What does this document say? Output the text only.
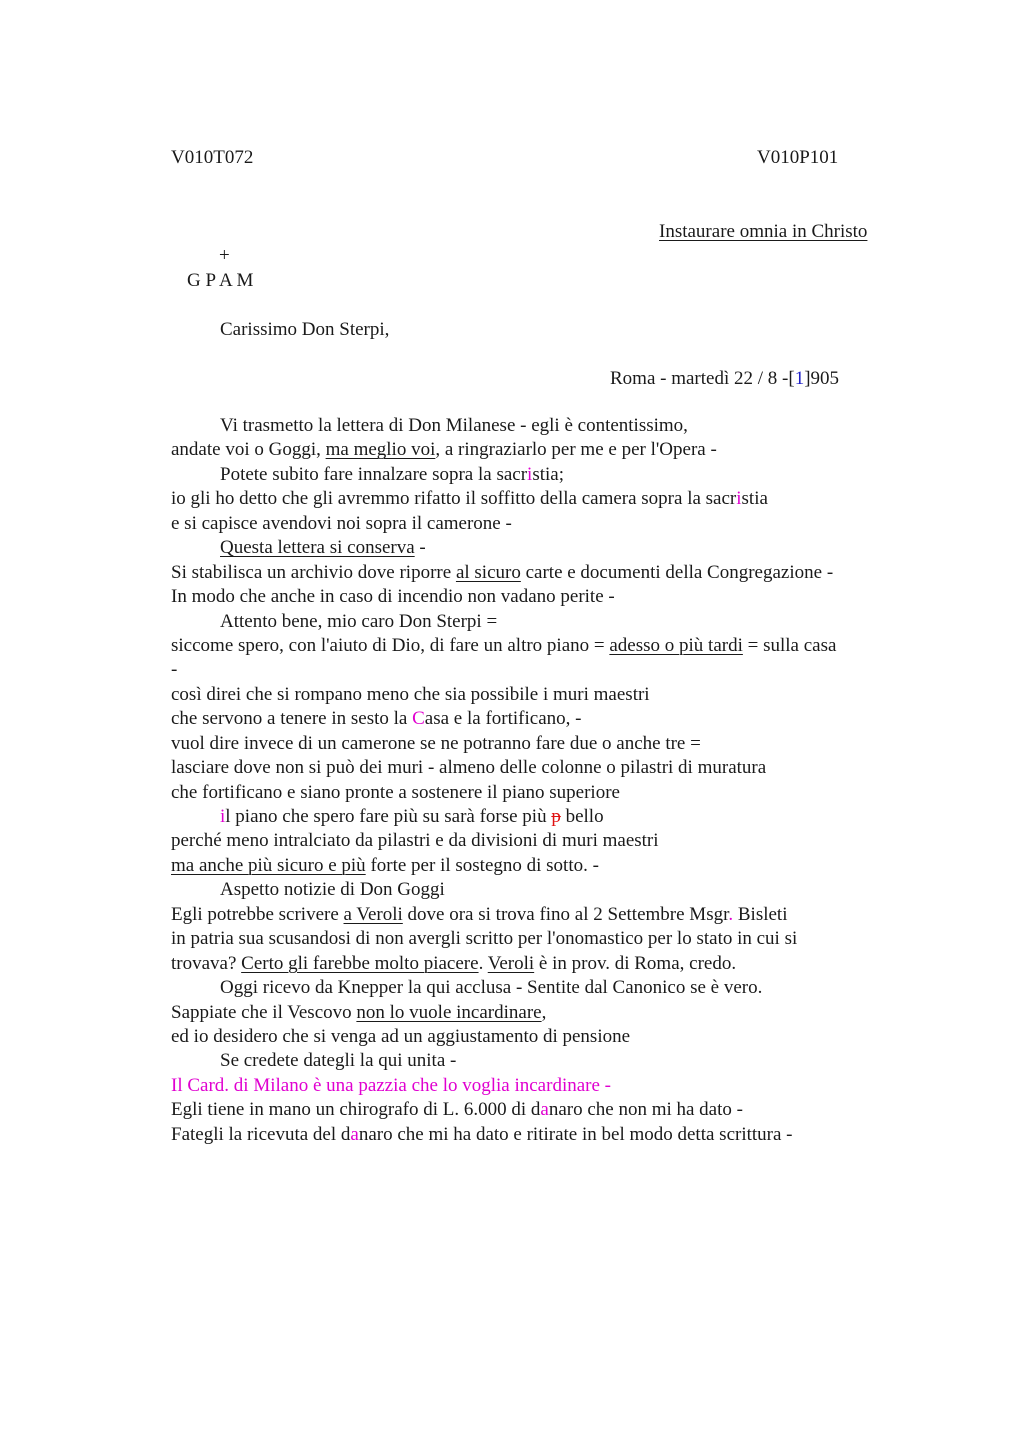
V010T072	V010P101
Instaurare omnia in Christo
+
G P A M
Carissimo Don Sterpi,
Roma - martedì 22 / 8 -[1]905
Vi trasmetto la lettera di Don Milanese - egli è contentissimo,
andate voi o Goggi, ma meglio voi, a ringraziarlo per me e per l'Opera -
Potete subito fare innalzare sopra la sacristia;
io gli ho detto che gli avremmo rifatto il soffitto della camera sopra la sacristia
e si capisce avendovi noi sopra il camerone -
Questa lettera si conserva -
Si stabilisca un archivio dove riporre al sicuro carte e documenti della Congregazione -
In modo che anche in caso di incendio non vadano perite -
Attento bene, mio caro Don Sterpi =
siccome spero, con l'aiuto di Dio, di fare un altro piano = adesso o più tardi = sulla casa
-
così direi che si rompano meno che sia possibile i muri maestri
che servono a tenere in sesto la Casa e la fortificano, -
vuol dire invece di un camerone se ne potranno fare due o anche tre =
lasciare dove non si può dei muri - almeno delle colonne o pilastri di muratura
che fortificano e siano pronte a sostenere il piano superiore
il piano che spero fare più su sarà forse più p bello
perché meno intralciato da pilastri e da divisioni di muri maestri
ma anche più sicuro e più forte per il sostegno di sotto. -
Aspetto notizie di Don Goggi
Egli potrebbe scrivere a Veroli dove ora si trova fino al 2 Settembre Msgr. Bisleti
in patria sua scusandosi di non avergli scritto per l'onomastico per lo stato in cui si
trovava? Certo gli farebbe molto piacere. Veroli è in prov. di Roma, credo.
Oggi ricevo da Knepper la qui acclusa - Sentite dal Canonico se è vero.
Sappiate che il Vescovo non lo vuole incardinare,
ed io desidero che si venga ad un aggiustamento di pensione
Se credete dategli la qui unita -
Il Card. di Milano è una pazzia che lo voglia incardinare -
Egli tiene in mano un chirografo di L. 6.000 di danaro che non mi ha dato -
Fategli la ricevuta del danaro che mi ha dato e ritirate in bel modo detta scrittura -
